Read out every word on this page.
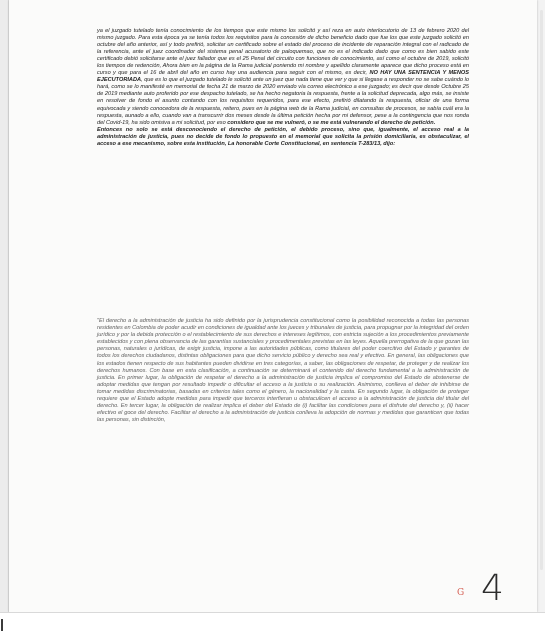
ya el juzgado tutelado tenía conocimiento de los tiempos que este mismo los solicitó y así reza en auto interlocutorio de 13 de febrero 2020 del mismo juzgado. Para esta época ya se tenía todos los requisitos para la concesión de dicho beneficio dado que fue los que este juzgado solicitó en octubre del año anterior, así y todo prefirió, solicitar un certificado sobre el estado del proceso de incidente de reparación integral con el radicado de la referencia, ante el juez coordinador del sistema penal acusatorio de paloquemao, que no es el indicado dado que como es bien sabido este certificado debió solicitarse ante el juez fallador que es el 25 Penal del circuito con funciones de conocimiento, así como el octubre de 2019, solicitó los tiempos de redención, Ahora bien en la página de la Rama judicial poniendo mi nombre y apellido claramente aparece que dicho proceso está en curso y que para el 16 de abril del año en curso hay una audiencia para seguir con el mismo, es decir, NO HAY UNA SENTENCIA Y MENOS EJECUTORIADA, que es lo que el juzgado tutelado le solicitó ante un juez que nada tiene que ver y que si llegase a responder no se sabe cuándo lo hará, como se lo manifesté en memorial de fecha 21 de marzo de 2020 enviado vía correo electrónico a ese juzgado; es decir que desde Octubre 25 de 2019 mediante auto proferido por ese despacho tutelado, se ha hecho negatoria la respuesta, frente a la solicitud deprecada, algo más, se insiste en resolver de fondo el asunto contando con los requisitos requeridos, para ese efecto, prefirió dilatando la respuesta, oficiar de una forma equivocada y siendo conocedora de la respuesta, reitero, pues en la página web de la Rama judicial, en consultas de procesos, se sabía cuál era la respuesta, aunado a ello, cuando van a transcurrir dos meses desde la última petición hecha por mi defensor, pese a la contingencia que nos ronda del Covid-19, ha sido omisiva a mi solicitud, por eso considero que se me vulneró, o se me está vulnerando el derecho de petición.

Entonces no solo se está desconociendo el derecho de petición, el debido proceso, sino que, igualmente, el acceso real a la administración de justicia, pues no decide de fondo lo propuesto en el memorial que solicita la prisión domiciliaria, es obstaculizar, el acceso a ese mecanismo, sobre esta institución, La honorable Corte Constitucional, en sentencia T-283/13, dijo:

"El derecho a la administración de justicia ha sido definido por la jurisprudencia constitucional como la posibilidad reconocida a todas las personas residentes en Colombia de poder acudir en condiciones de igualdad ante los jueces y tribunales de justicia, para propugnar por la integridad del orden jurídico y por la debida protección o el restablecimiento de sus derechos e intereses legítimos, con estricta sujeción a los procedimientos previamente establecidos y con plena observancia de las garantías sustanciales y procedimentales previstas en las leyes. Aquella prerrogativa de la que gozan las personas, naturales o jurídicas, de exigir justicia, impone a las autoridades públicas, como titulares del poder coercitivo del Estado y garantes de todos los derechos ciudadanos, distintas obligaciones para que dicho servicio público y derecho sea real y efectivo. En general, las obligaciones que los estados tienen respecto de sus habitantes pueden dividirse en tres categorías, a saber, las obligaciones de respetar, de proteger y de realizar los derechos humanos. Con base en esta clasificación, a continuación se determinará el contenido del derecho fundamental a la administración de justicia. En primer lugar, la obligación de respetar el derecho a la administración de justicia implica el compromiso del Estado de abstenerse de adoptar medidas que tengan por resultado impedir o dificultar el acceso a la justicia o su realización. Asimismo, conlleva el deber de inhibirse de tomar medidas discriminatorias, basadas en criterios tales como el género, la nacionalidad y la casta. En segundo lugar, la obligación de proteger requiere que el Estado adopte medidas para impedir que terceros interfieran u obstaculicen el acceso a la administración de justicia del titular del derecho. En tercer lugar, la obligación de realizar implica el deber del Estado de (i) facilitar las condiciones para el disfrute del derecho y, (ii) hacer efectivo el goce del derecho. Facilitar el derecho a la administración de justicia conlleva la adopción de normas y medidas que garanticen que todas las personas, sin distinción,

G 4
